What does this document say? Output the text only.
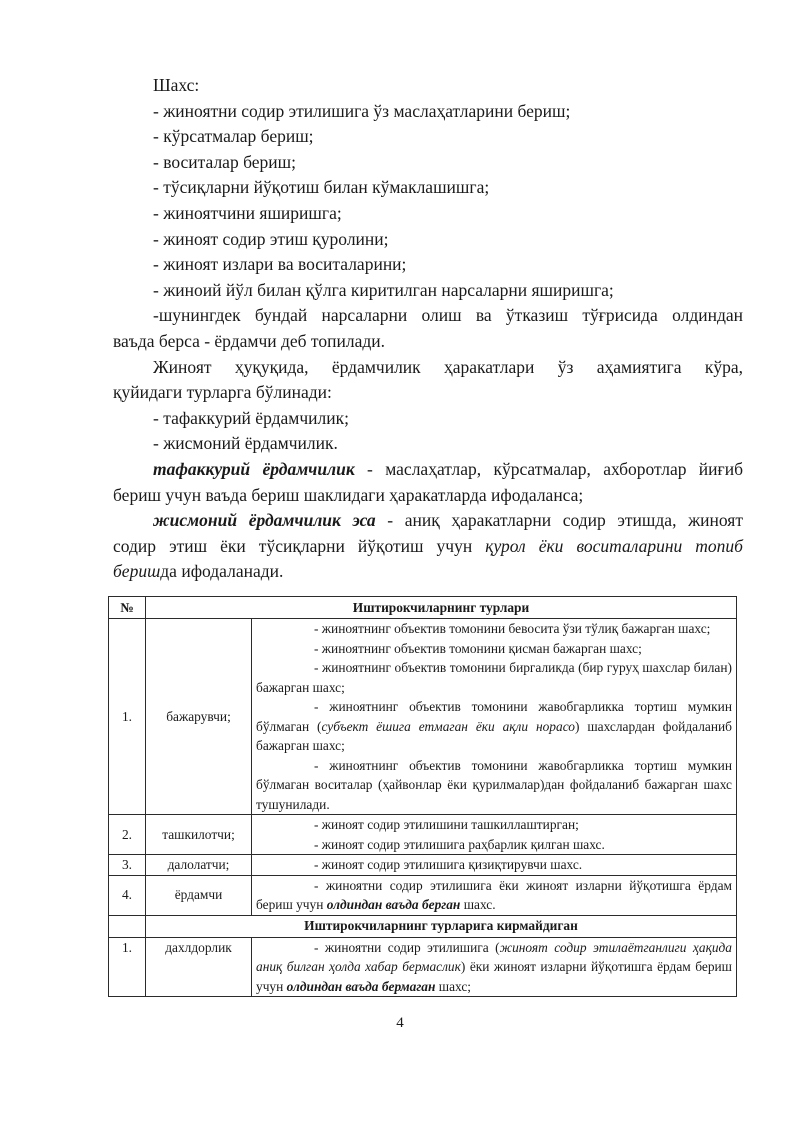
Шахс:
- жиноятни содир этилишига ўз маслаҳатларини бериш;
- кўрсатмалар бериш;
- воситалар бериш;
- тўсиқларни йўқотиш билан кўмаклашишга;
- жиноятчини яширишга;
- жиноят содир этиш қуролини;
- жиноят излари ва воситаларини;
- жиноий йўл билан қўлга киритилган нарсаларни яширишга;
-шунингдек бундай нарсаларни олиш ва ўтказиш тўғрисида олдиндан
ваъда берса - ёрдамчи деб топилади.
Жиноят ҳуқуқида, ёрдамчилик ҳаракатлари ўз аҳамиятига кўра,
қуйидаги турларга бўлинади:
- тафаккурий ёрдамчилик;
- жисмоний ёрдамчилик.
тафаккурий ёрдамчилик - маслаҳатлар, кўрсатмалар, ахборотлар йиғиб
бериш учун ваъда бериш шаклидаги ҳаракатларда ифодаланса;
жисмоний ёрдамчилик эса - аниқ ҳаракатларни содир этишда, жиноят
содир этиш ёки тўсиқларни йўқотиш учун қурол ёки воситаларини топиб
беришда ифодаланади.
№	Иштирокчиларнинг турлари	
1.	бажарувчи;	- жиноятнинг объектив томонини бевосита ўзи тўлиқ бажарган шахс;

- жиноятнинг объектив томонини қисман бажарган шахс;

- жиноятнинг объектив томонини биргаликда (бир гуруҳ шахслар билан) бажарган шахс;

- жиноятнинг объектив томонини жавобгарликка тортиш мумкин бўлмаган (субъект ёшига етмаган ёки ақли норасо) шахслардан фойдаланиб бажарган шахс;

- жиноятнинг объектив томонини жавобгарликка тортиш мумкин бўлмаган воситалар (ҳайвонлар ёки қурилмалар)дан фойдаланиб бажарган шахс тушунилади.

2.	ташкилотчи;	- жиноят содир этилишини ташкиллаштирган;

- жиноят содир этилишига раҳбарлик қилган шахс.

3.	далолатчи;	- жиноят содир этилишига қизиқтирувчи шахс.

4.	ёрдамчи	- жиноятни содир этилишига ёки жиноят изларни йўқотишга ёрдам бериш учун олдиндан ваъда берган шахс.

	Иштирокчиларнинг турларига кирмайдиган	
1.	дахлдорлик	- жиноятни содир этилишига (жиноят содир этилаётганлиги ҳақида аниқ билган ҳолда хабар бермаслик) ёки жиноят изларни йўқотишга ёрдам бериш учун олдиндан ваъда бермаган шахс;

4
